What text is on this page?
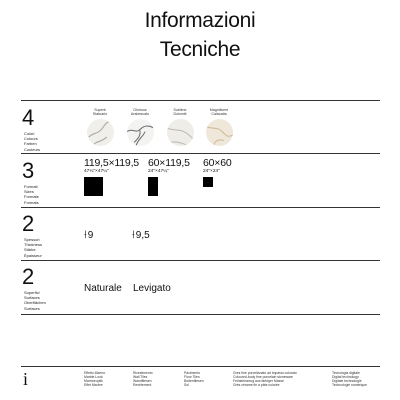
Informazioni
Tecniche
4
Colori
Colours
Farben
Couleurs
Superb
Statuario
Glorious
Arabescato
Sublime
Dolomiti
Magnificent
Calacatta
3
Formati
Sizes
Formate
Formats
119,5×119,5
47¼"×47¼"
60×119,5
24"×47¼"
60×60
24"×24"
2
Spessori
Thickness
Stärke
Épaisseur
Ɨ9	Ɨ9,5
2
Superfici
Surfaces
Oberflächen
Surfaces
Naturale Levigato
i	Effetto Marmo
Marble Look
Marmoroptik
Effet Marbre
Rivestimento
Wall Tiles
Wandfliesen
Revêtement
Pavimento
Floor Tiles
Bodenfliesen
Sol
Gres fine porcellanato ad impasto colorato
Coloured-body fine porcelain stoneware
Feinsteinzeug aus farbiger Masse
Grès cérame fin à pâte colorée
Tecnologia digitale
Digital technology
Digitale technologie
Technologie numérique
